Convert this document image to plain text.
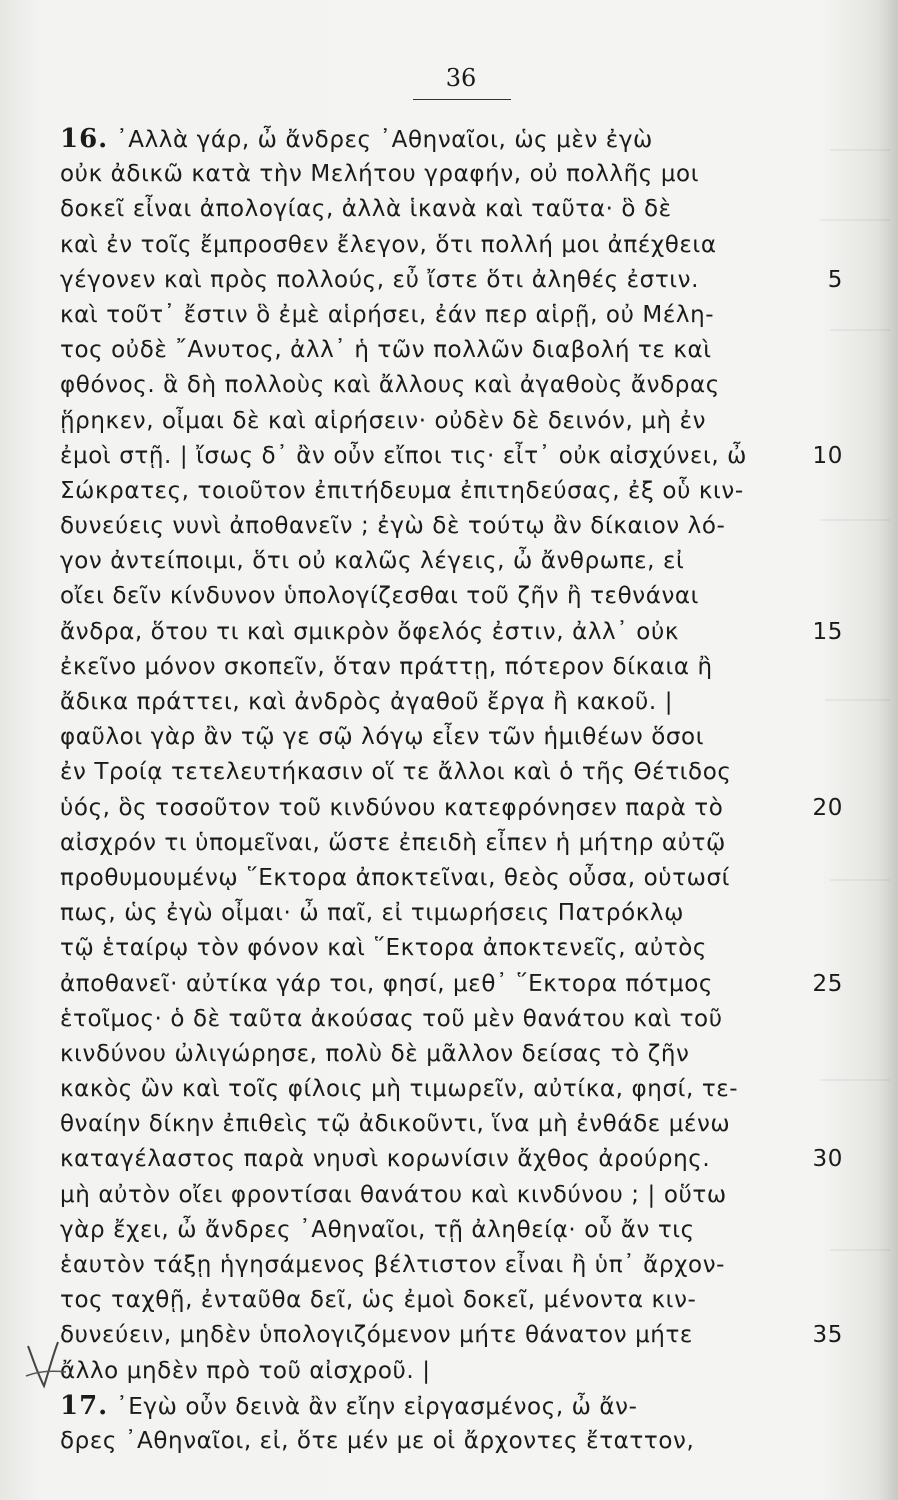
36
16. ᾿Αλλὰ γάρ, ὦ ἄνδρες ᾿Αθηναῖοι, ὡς μὲν ἐγὼ
οὐκ ἀδικῶ κατὰ τὴν Μελήτου γραφήν, οὐ πολλῆς μοι
δοκεῖ εἶναι ἀπολογίας, ἀλλὰ ἱκανὰ καὶ ταῦτα· ὃ δὲ
καὶ ἐν τοῖς ἔμπροσθεν ἔλεγον, ὅτι πολλή μοι ἀπέχθεια
γέγονεν καὶ πρὸς πολλούς, εὖ ἴστε ὅτι ἀληθές ἐστιν.	5
καὶ τοῦτ᾽ ἔστιν ὃ ἐμὲ αἱρήσει, ἐάν περ αἱρῇ, οὐ Μέλη-
τος οὐδὲ ῎Ανυτος, ἀλλ᾽ ἡ τῶν πολλῶν διαβολή τε καὶ
φθόνος. ἃ δὴ πολλοὺς καὶ ἄλλους καὶ ἀγαθοὺς ἄνδρας
ᾕρηκεν, οἶμαι δὲ καὶ αἱρήσειν· οὐδὲν δὲ δεινόν, μὴ ἐν
ἐμοὶ στῇ. | ἴσως δ᾽ ἂν οὖν εἴποι τις· εἶτ᾽ οὐκ αἰσχύνει, ὦ	10
Σώκρατες, τοιοῦτον ἐπιτήδευμα ἐπιτηδεύσας, ἐξ οὗ κιν-
δυνεύεις νυνὶ ἀποθανεῖν ; ἐγὼ δὲ τούτῳ ἂν δίκαιον λό-
γον ἀντείποιμι, ὅτι οὐ καλῶς λέγεις, ὦ ἄνθρωπε, εἰ
οἴει δεῖν κίνδυνον ὑπολογίζεσθαι τοῦ ζῆν ἢ τεθνάναι
ἄνδρα, ὅτου τι καὶ σμικρὸν ὄφελός ἐστιν, ἀλλ᾽ οὐκ	15
ἐκεῖνο μόνον σκοπεῖν, ὅταν πράττῃ, πότερον δίκαια ἢ
ἄδικα πράττει, καὶ ἀνδρὸς ἀγαθοῦ ἔργα ἢ κακοῦ. |
φαῦλοι γὰρ ἂν τῷ γε σῷ λόγῳ εἶεν τῶν ἡμιθέων ὅσοι
ἐν Τροίᾳ τετελευτήκασιν οἵ τε ἄλλοι καὶ ὁ τῆς Θέτιδος
ὑός, ὃς τοσοῦτον τοῦ κινδύνου κατεφρόνησεν παρὰ τὸ	20
αἰσχρόν τι ὑπομεῖναι, ὥστε ἐπειδὴ εἶπεν ἡ μήτηρ αὐτῷ
προθυμουμένῳ ῞Εκτορα ἀποκτεῖναι, θεὸς οὖσα, οὑτωσί
πως, ὡς ἐγὼ οἶμαι· ὦ παῖ, εἰ τιμωρήσεις Πατρόκλῳ
τῷ ἑταίρῳ τὸν φόνον καὶ ῞Εκτορα ἀποκτενεῖς, αὐτὸς
ἀποθανεῖ· αὐτίκα γάρ τοι, φησί, μεθ᾽ ῞Εκτορα πότμος	25
ἑτοῖμος· ὁ δὲ ταῦτα ἀκούσας τοῦ μὲν θανάτου καὶ τοῦ
κινδύνου ὠλιγώρησε, πολὺ δὲ μᾶλλον δείσας τὸ ζῆν
κακὸς ὢν καὶ τοῖς φίλοις μὴ τιμωρεῖν, αὐτίκα, φησί, τε-
θναίην δίκην ἐπιθεὶς τῷ ἀδικοῦντι, ἵνα μὴ ἐνθάδε μένω
καταγέλαστος παρὰ νηυσὶ κορωνίσιν ἄχθος ἀρούρης.	30
μὴ αὐτὸν οἴει φροντίσαι θανάτου καὶ κινδύνου ; | οὕτω
γὰρ ἔχει, ὦ ἄνδρες ᾿Αθηναῖοι, τῇ ἀληθείᾳ· οὗ ἄν τις
ἑαυτὸν τάξῃ ἡγησάμενος βέλτιστον εἶναι ἢ ὑπ᾽ ἄρχον-
τος ταχθῇ, ἐνταῦθα δεῖ, ὡς ἐμοὶ δοκεῖ, μένοντα κιν-
δυνεύειν, μηδὲν ὑπολογιζόμενον μήτε θάνατον μήτε	35
ἄλλο μηδὲν πρὸ τοῦ αἰσχροῦ. |
17. ᾿Εγὼ οὖν δεινὰ ἂν εἴην εἰργασμένος, ὦ ἄν-
δρες ᾿Αθηναῖοι, εἰ, ὅτε μέν με οἱ ἄρχοντες ἔταττον,
